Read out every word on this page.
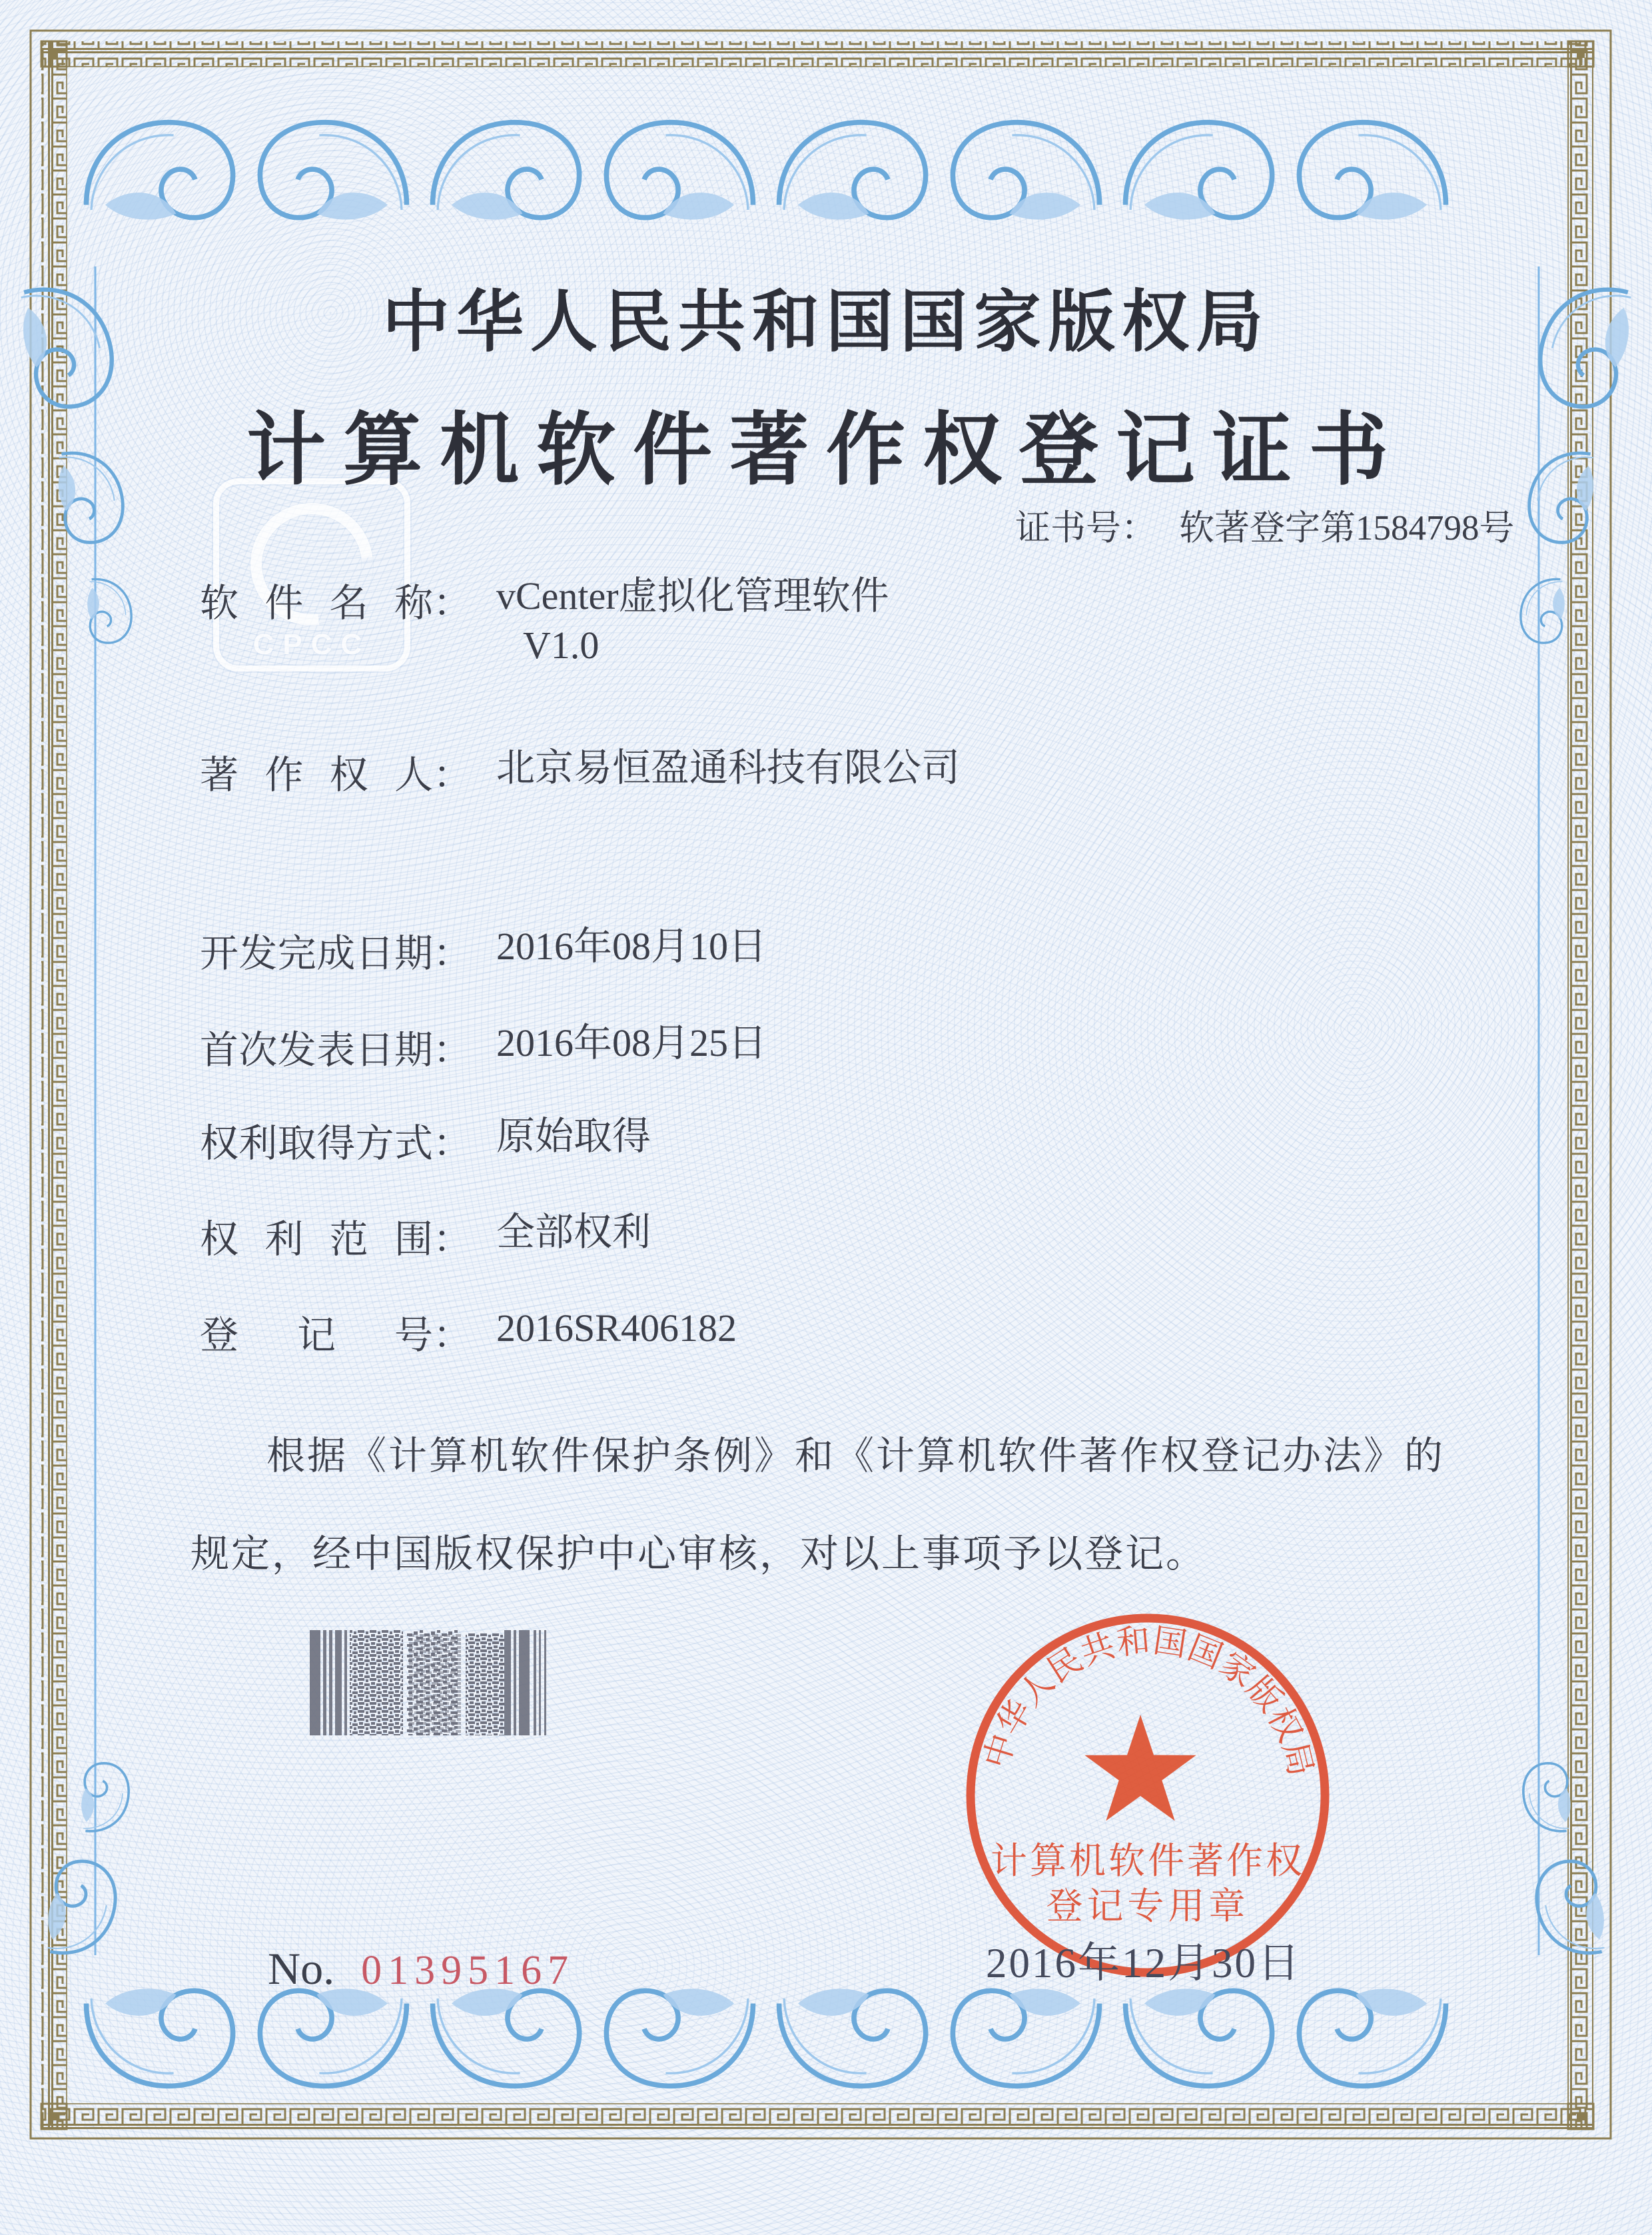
CPCC
中华人民共和国国家版权局
计算机软件著作权登记证书
证书号： 软著登字第1584798号
软件名称 ： vCenter虚拟化管理软件
V1.0
著作权人 ： 北京易恒盈通科技有限公司
开发完成日期 ： 2016年08月10日
首次发表日期 ： 2016年08月25日
权利取得方式 ： 原始取得
权利范围 ： 全部权利
登记号 ： 2016SR406182
根据《计算机软件保护条例》和《计算机软件著作权登记办法》的
规定，经中国版权保护中心审核，对以上事项予以登记。
中华人民共和国国家版权局
计算机软件著作权
登记专用章
2016年12月30日
No. 01395167
